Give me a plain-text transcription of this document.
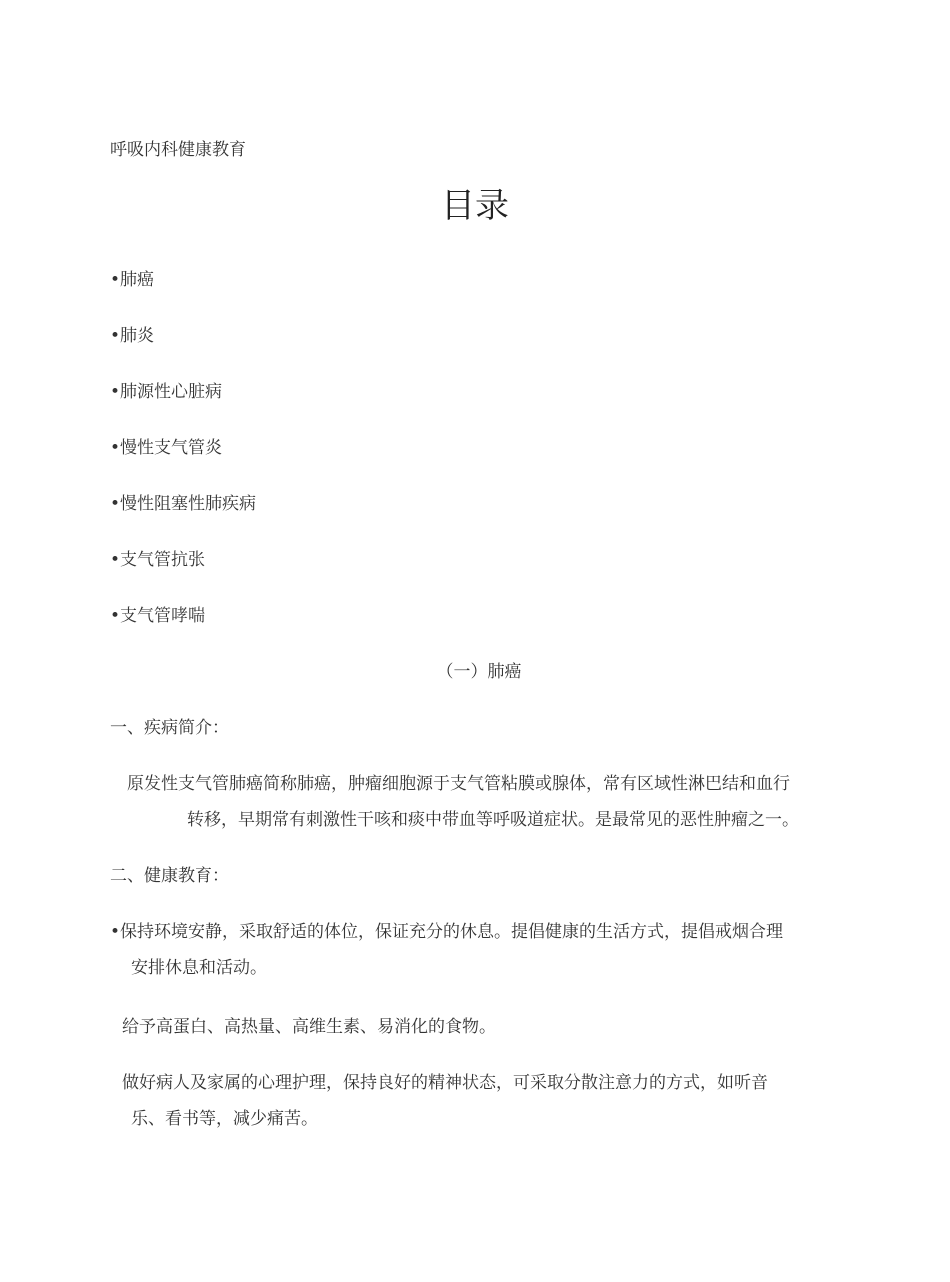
呼吸内科健康教育
目录
•肺癌
•肺炎
•肺源性心脏病
•慢性支气管炎
•慢性阻塞性肺疾病
•支气管抗张
•支气管哮喘
（一）肺癌
一、疾病简介：
原发性支气管肺癌简称肺癌，肿瘤细胞源于支气管粘膜或腺体，常有区域性淋巴结和血行
转移，早期常有刺激性干咳和痰中带血等呼吸道症状。是最常见的恶性肿瘤之一。
二、健康教育：
•保持环境安静，采取舒适的体位，保证充分的休息。提倡健康的生活方式，提倡戒烟合理
安排休息和活动。
给予高蛋白、高热量、高维生素、易消化的食物。
做好病人及家属的心理护理，保持良好的精神状态，可采取分散注意力的方式，如听音
乐、看书等，减少痛苦。
